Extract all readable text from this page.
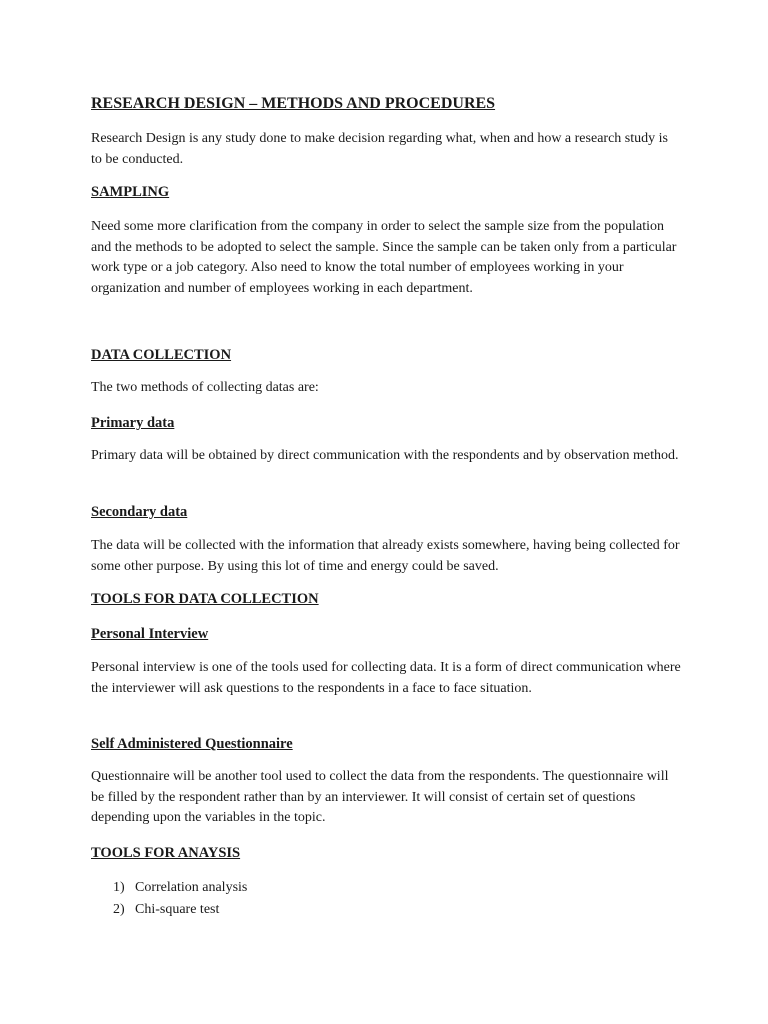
RESEARCH DESIGN – METHODS AND PROCEDURES

Research Design is any study done to make decision regarding what, when and how a research study is to be conducted.

SAMPLING

Need some more clarification from the company in order to select the sample size from the population and the methods to be adopted to select the sample. Since the sample can be taken only from a particular work type or a job category. Also need to know the total number of employees working in your organization and number of employees working in each department.

DATA COLLECTION

The two methods of collecting datas are:

Primary data

Primary data will be obtained by direct communication with the respondents and by observation method.

Secondary data

The data will be collected with the information that already exists somewhere, having being collected for some other purpose. By using this lot of time and energy could be saved.

TOOLS FOR DATA COLLECTION
Personal Interview

Personal interview is one of the tools used for collecting data. It is a form of direct communication where the interviewer will ask questions to the respondents in a face to face situation.

Self Administered Questionnaire

Questionnaire will be another tool used to collect the data from the respondents. The questionnaire will be filled by the respondent rather than by an interviewer. It will consist of certain set of questions depending upon the variables in the topic.

TOOLS FOR ANAYSIS
1) Correlation analysis
2) Chi-square test
